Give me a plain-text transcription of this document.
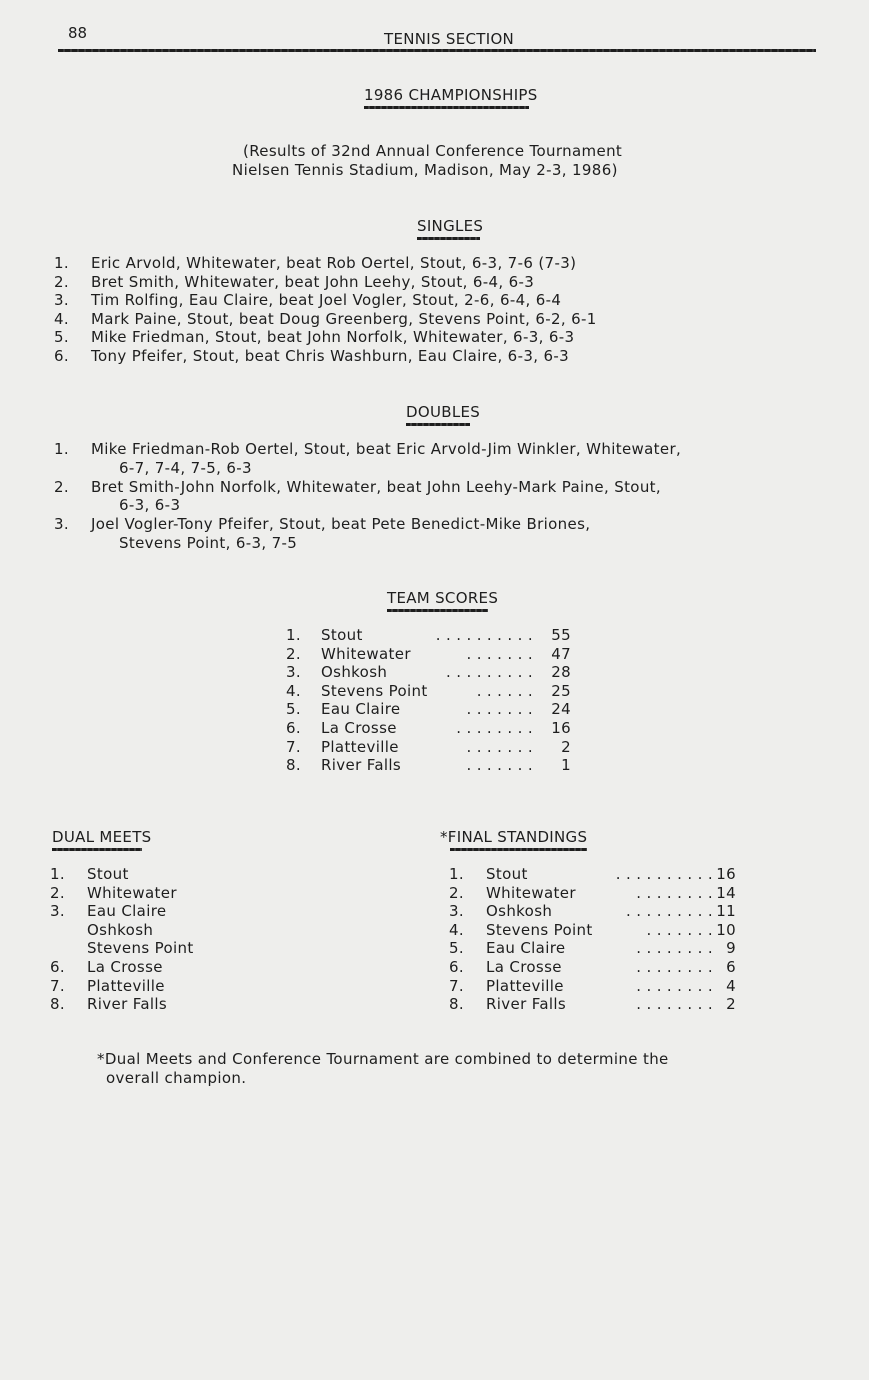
88	TENNIS SECTION
1986 CHAMPIONSHIPS
(Results of 32nd Annual Conference Tournament
Nielsen Tennis Stadium, Madison, May 2-3, 1986)
SINGLES
1. Eric Arvold, Whitewater, beat Rob Oertel, Stout, 6-3, 7-6 (7-3)
2. Bret Smith, Whitewater, beat John Leehy, Stout, 6-4, 6-3
3. Tim Rolfing, Eau Claire, beat Joel Vogler, Stout, 2-6, 6-4, 6-4
4. Mark Paine, Stout, beat Doug Greenberg, Stevens Point, 6-2, 6-1
5. Mike Friedman, Stout, beat John Norfolk, Whitewater, 6-3, 6-3
6. Tony Pfeifer, Stout, beat Chris Washburn, Eau Claire, 6-3, 6-3
DOUBLES
1. Mike Friedman-Rob Oertel, Stout, beat Eric Arvold-Jim Winkler, Whitewater,
6-7, 7-4, 7-5, 6-3
2. Bret Smith-John Norfolk, Whitewater, beat John Leehy-Mark Paine, Stout,
6-3, 6-3
3. Joel Vogler-Tony Pfeifer, Stout, beat Pete Benedict-Mike Briones,
Stevens Point, 6-3, 7-5
TEAM SCORES
1. Stout	. . . . . . . . . . 55
2. Whitewater	. . . . . . . 47
3. Oshkosh	. . . . . . . . . 28
4. Stevens Point	. . . . . . 25
5. Eau Claire	. . . . . . . 24
6. La Crosse	. . . . . . . . 16
7. Platteville	. . . . . . . 2
8. River Falls	. . . . . . . 1
DUAL MEETS
1. Stout
2. Whitewater
3. Eau Claire
Oshkosh
Stevens Point
6. La Crosse
7. Platteville
8. River Falls
*FINAL STANDINGS
1. Stout	. . . . . . . . . . 16
2. Whitewater	. . . . . . . . 14
3. Oshkosh	. . . . . . . . . 11
4. Stevens Point	. . . . . . . 10
5. Eau Claire	. . . . . . . . 9
6. La Crosse	. . . . . . . . 6
7. Platteville	. . . . . . . . 4
8. River Falls	. . . . . . . . 2
*Dual Meets and Conference Tournament are combined to determine the
overall champion.
